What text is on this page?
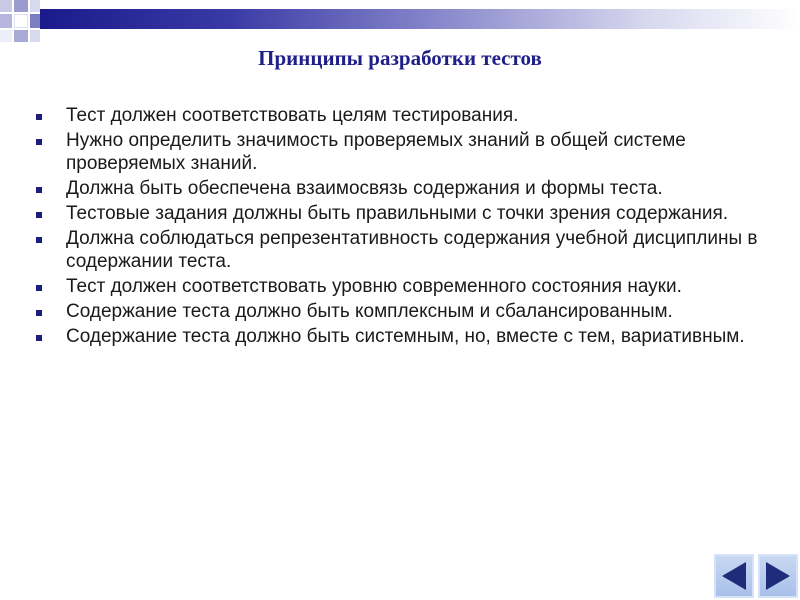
Принципы разработки тестов
Тест должен соответствовать целям тестирования.
Нужно определить значимость проверяемых знаний в общей системе проверяемых знаний.
Должна быть обеспечена взаимосвязь содержания и формы теста.
Тестовые задания должны быть правильными с точки зрения содержания.
Должна соблюдаться репрезентативность содержания учебной дисциплины в содержании теста.
Тест должен соответствовать уровню современного состояния науки.
Содержание теста должно быть комплексным и сбалансированным.
Содержание теста должно быть системным, но, вместе с тем, вариативным.
